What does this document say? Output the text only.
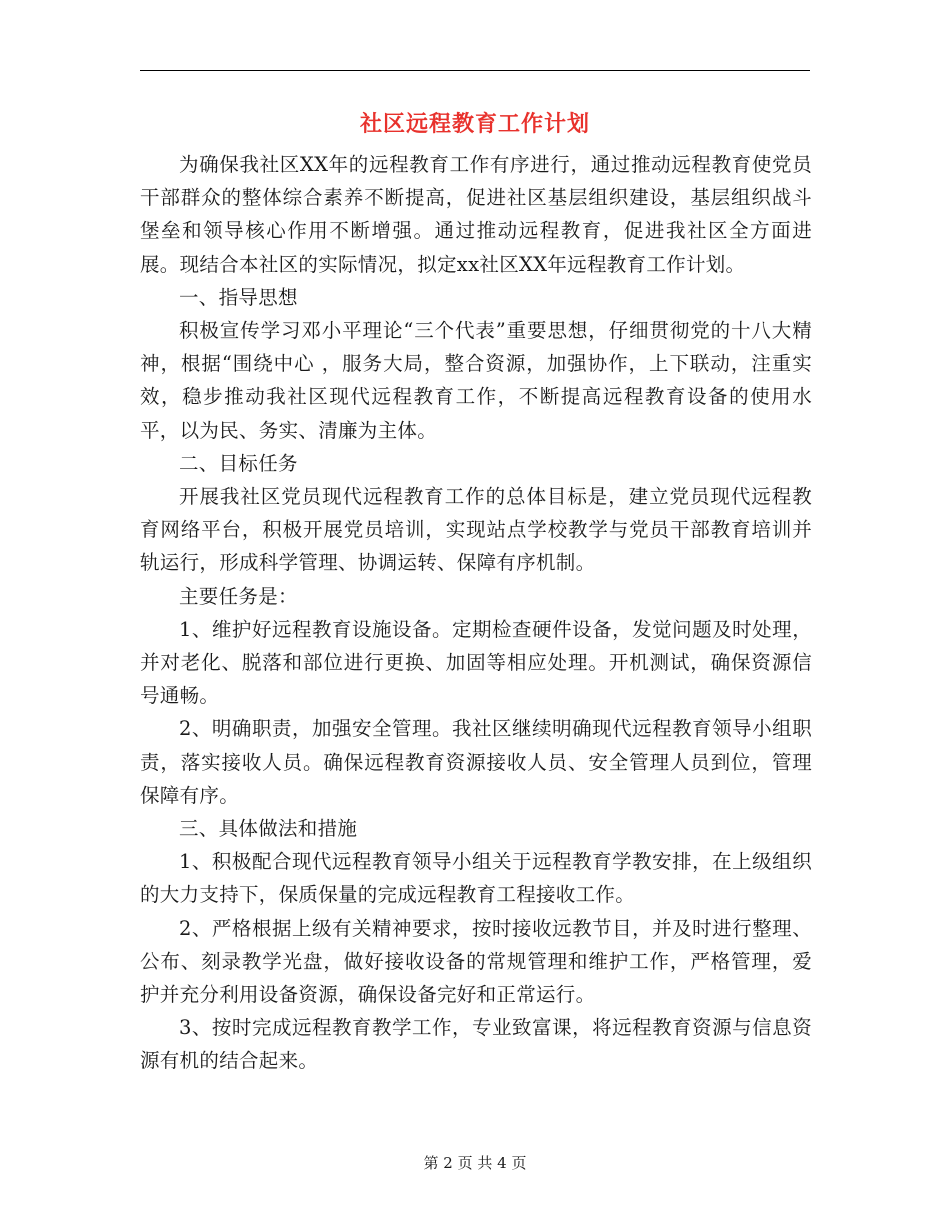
社区远程教育工作计划

为确保我社区XX年的远程教育工作有序进行，通过推动远程教育使党员干部群众的整体综合素养不断提高，促进社区基层组织建设，基层组织战斗堡垒和领导核心作用不断增强。通过推动远程教育，促进我社区全方面进展。现结合本社区的实际情况，拟定xx社区XX年远程教育工作计划。

一、指导思想

积极宣传学习邓小平理论“三个代表”重要思想，仔细贯彻党的十八大精神，根据“围绕中心 ，服务大局，整合资源，加强协作，上下联动，注重实效，稳步推动我社区现代远程教育工作，不断提高远程教育设备的使用水平，以为民、务实、清廉为主体。

二、目标任务

开展我社区党员现代远程教育工作的总体目标是，建立党员现代远程教育网络平台，积极开展党员培训，实现站点学校教学与党员干部教育培训并轨运行，形成科学管理、协调运转、保障有序机制。

主要任务是：

1、维护好远程教育设施设备。定期检查硬件设备，发觉问题及时处理，并对老化、脱落和部位进行更换、加固等相应处理。开机测试，确保资源信号通畅。

2、明确职责，加强安全管理。我社区继续明确现代远程教育领导小组职责，落实接收人员。确保远程教育资源接收人员、安全管理人员到位，管理保障有序。

三、具体做法和措施

1、积极配合现代远程教育领导小组关于远程教育学教安排，在上级组织的大力支持下，保质保量的完成远程教育工程接收工作。

2、严格根据上级有关精神要求，按时接收远教节目，并及时进行整理、公布、刻录教学光盘，做好接收设备的常规管理和维护工作，严格管理，爱护并充分利用设备资源，确保设备完好和正常运行。

3、按时完成远程教育教学工作，专业致富课，将远程教育资源与信息资源有机的结合起来。

第 2 页 共 4 页
